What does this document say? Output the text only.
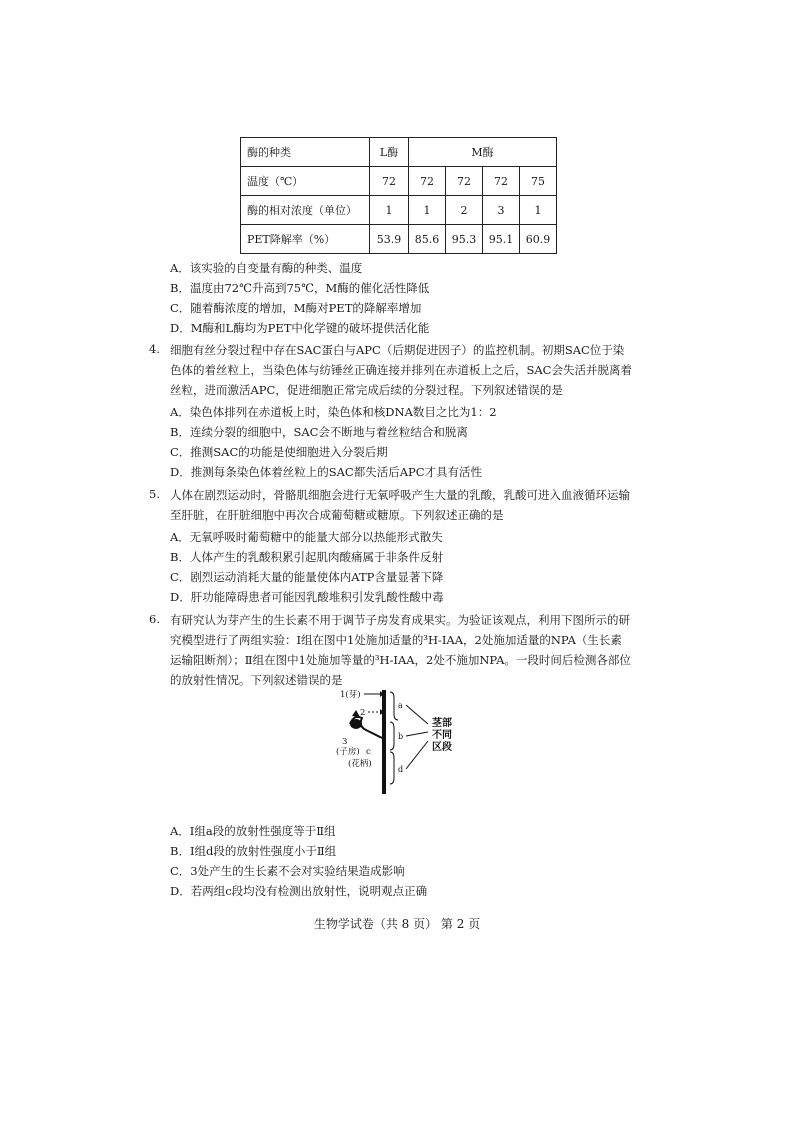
酶的种类	L酶	M酶			
温度（℃）	72	72	72	72	75
酶的相对浓度（单位）	1	1	2	3	1
PET降解率（%）	53.9	85.6	95.3	95.1	60.9
A．该实验的自变量有酶的种类、温度
B．温度由72℃升高到75℃，M酶的催化活性降低
C．随着酶浓度的增加，M酶对PET的降解率增加
D．M酶和L酶均为PET中化学键的破坏提供活化能
4. 细胞有丝分裂过程中存在SAC蛋白与APC（后期促进因子）的监控机制。初期SAC位于染
色体的着丝粒上，当染色体与纺锤丝正确连接并排列在赤道板上之后，SAC会失活并脱离着
丝粒，进而激活APC，促进细胞正常完成后续的分裂过程。下列叙述错误的是
A．染色体排列在赤道板上时，染色体和核DNA数目之比为1：2
B．连续分裂的细胞中，SAC会不断地与着丝粒结合和脱离
C．推测SAC的功能是使细胞进入分裂后期
D．推测每条染色体着丝粒上的SAC都失活后APC才具有活性
5. 人体在剧烈运动时，骨骼肌细胞会进行无氧呼吸产生大量的乳酸，乳酸可进入血液循环运输
至肝脏，在肝脏细胞中再次合成葡萄糖或糖原。下列叙述正确的是
A．无氧呼吸时葡萄糖中的能量大部分以热能形式散失
B．人体产生的乳酸积累引起肌肉酸痛属于非条件反射
C．剧烈运动消耗大量的能量使体内ATP含量显著下降
D．肝功能障碍患者可能因乳酸堆积引发乳酸性酸中毒
6. 有研究认为芽产生的生长素不用于调节子房发育成果实。为验证该观点，利用下图所示的研
究模型进行了两组实验：Ⅰ组在图中1处施加适量的³H-IAA，2处施加适量的NPA（生长素
运输阻断剂）；Ⅱ组在图中1处施加等量的³H-IAA，2处不施加NPA。一段时间后检测各部位
的放射性情况。下列叙述错误的是
1(芽)
2
3
(子房) c
(花柄)
a
b
d
茎部
不同
区段
A．Ⅰ组a段的放射性强度等于Ⅱ组
B．Ⅰ组d段的放射性强度小于Ⅱ组
C．3处产生的生长素不会对实验结果造成影响
D．若两组c段均没有检测出放射性，说明观点正确
生物学试卷（共 8 页） 第 2 页
